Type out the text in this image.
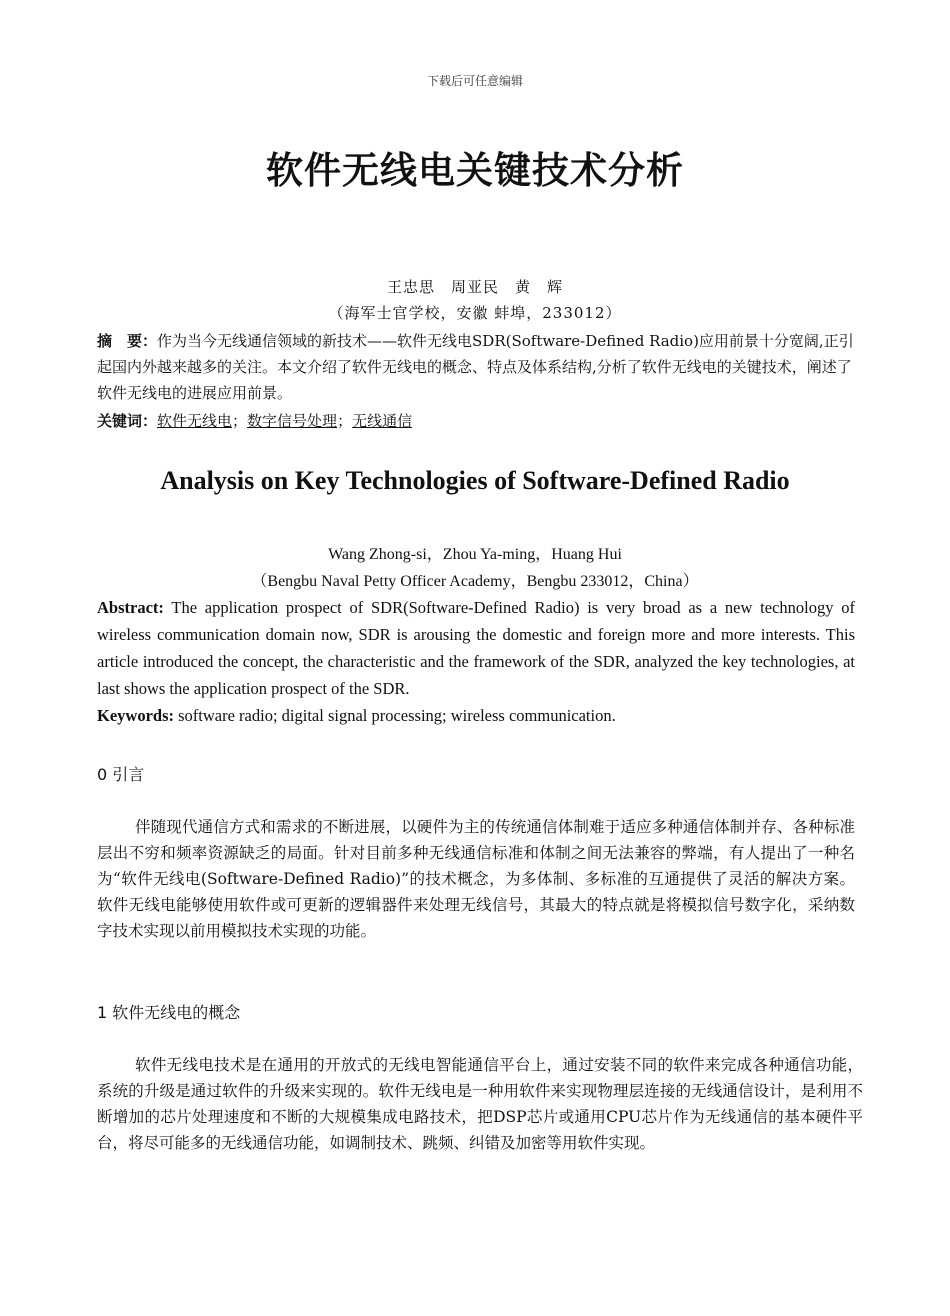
下载后可任意编辑
软件无线电关键技术分析
王忠思　周亚民　黄　辉
（海军士官学校，安徽 蚌埠，233012）
摘　要：作为当今无线通信领域的新技术——软件无线电SDR(Software-Defined Radio)应用前景十分宽阔,正引起国内外越来越多的关注。本文介绍了软件无线电的概念、特点及体系结构,分析了软件无线电的关键技术，阐述了软件无线电的进展应用前景。
关键词：软件无线电；数字信号处理；无线通信
Analysis on Key Technologies of Software-Defined Radio
Wang Zhong-si，Zhou Ya-ming，Huang Hui
（Bengbu Naval Petty Officer Academy，Bengbu 233012，China）
Abstract: The application prospect of SDR(Software-Defined Radio) is very broad as a new technology of wireless communication domain now, SDR is arousing the domestic and foreign more and more interests. This article introduced the concept, the characteristic and the framework of the SDR, analyzed the key technologies, at last shows the application prospect of the SDR.
Keywords: software radio; digital signal processing; wireless communication.
0 引言
伴随现代通信方式和需求的不断进展，以硬件为主的传统通信体制难于适应多种通信体制并存、各种标准层出不穷和频率资源缺乏的局面。针对目前多种无线通信标准和体制之间无法兼容的弊端，有人提出了一种名为“软件无线电(Software-Defined Radio)”的技术概念，为多体制、多标准的互通提供了灵活的解决方案。软件无线电能够使用软件或可更新的逻辑器件来处理无线信号，其最大的特点就是将模拟信号数字化，采纳数字技术实现以前用模拟技术实现的功能。
1 软件无线电的概念
软件无线电技术是在通用的开放式的无线电智能通信平台上，通过安装不同的软件来完成各种通信功能，系统的升级是通过软件的升级来实现的。软件无线电是一种用软件来实现物理层连接的无线通信设计，是利用不断增加的芯片处理速度和不断的大规模集成电路技术，把DSP芯片或通用CPU芯片作为无线通信的基本硬件平台，将尽可能多的无线通信功能，如调制技术、跳频、纠错及加密等用软件实现。
